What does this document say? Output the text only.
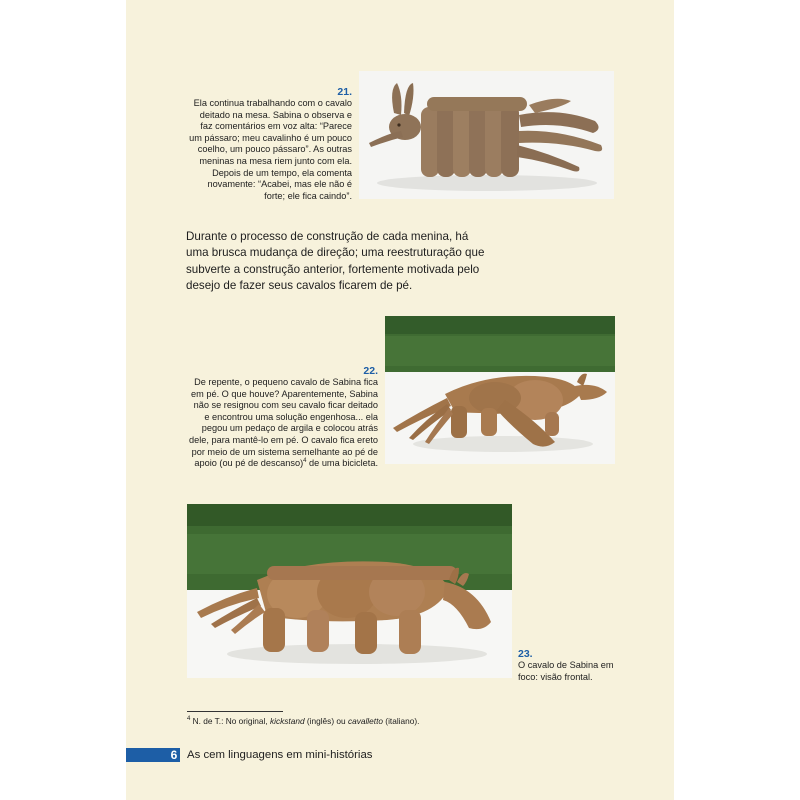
21.
Ela continua trabalhando com o cavalo deitado na mesa. Sabina o observa e faz comentários em voz alta: “Parece um pássaro; meu cavalinho é um pouco coelho, um pouco pássaro”. As outras meninas na mesa riem junto com ela. Depois de um tempo, ela comenta novamente: “Acabei, mas ele não é forte; ele fica caindo”.
Durante o processo de construção de cada menina, há uma brusca mudança de direção; uma reestruturação que subverte a construção anterior, fortemente motivada pelo desejo de fazer seus cavalos ficarem de pé.
22.
De repente, o pequeno cavalo de Sabina fica em pé. O que houve? Aparentemente, Sabina não se resignou com seu cavalo ficar deitado e encontrou uma solução engenhosa... ela pegou um pedaço de argila e colocou atrás dele, para mantê-lo em pé. O cavalo fica ereto por meio de um sistema semelhante ao pé de apoio (ou pé de descanso)$^4$ de uma bicicleta.
23.
O cavalo de Sabina em foco: visão frontal.
$^4$ N. de T.: No original, kickstand (inglês) ou cavalletto (italiano).
6 As cem linguagens em mini-histórias
